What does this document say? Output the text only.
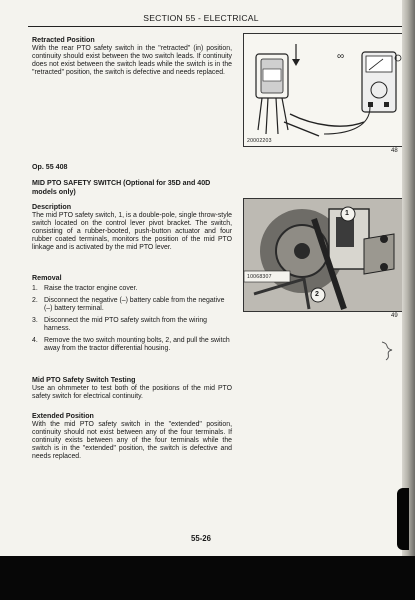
SECTION 55 - ELECTRICAL
Retracted Position

With the rear PTO safety switch in the "retracted" (in) position, continuity should exist between the two switch leads. If continuity does not exist between the switch leads while the switch is in the "retracted" position, the switch is defective and needs replaced.

20002203
∞
48
Op. 55 408
MID PTO SAFETY SWITCH (Optional for 35D and 40D models only)
Description

The mid PTO safety switch, 1, is a double-pole, single throw-style switch located on the control lever pivot bracket. The switch, consisting of a rubber-booted, push-button actuator and four rubber coated terminals, monitors the position of the mid PTO linkage and is activated by the mid PTO lever.

1
2
10068307
49
Removal
1. Raise the tractor engine cover.
2. Disconnect the negative (–) battery cable from the negative (–) battery terminal.
3. Disconnect the mid PTO safety switch from the wiring harness.
4. Remove the two switch mounting bolts, 2, and pull the switch away from the tractor differential housing.
Mid PTO Safety Switch Testing

Use an ohmmeter to test both of the positions of the mid PTO safety switch for electrical continuity.

Extended Position

With the mid PTO safety switch in the "extended" position, continuity should not exist between any of the four terminals. If continuity exists between any of the four terminals while the switch is in the "extended" position, the switch is defective and needs replaced.

55-26
